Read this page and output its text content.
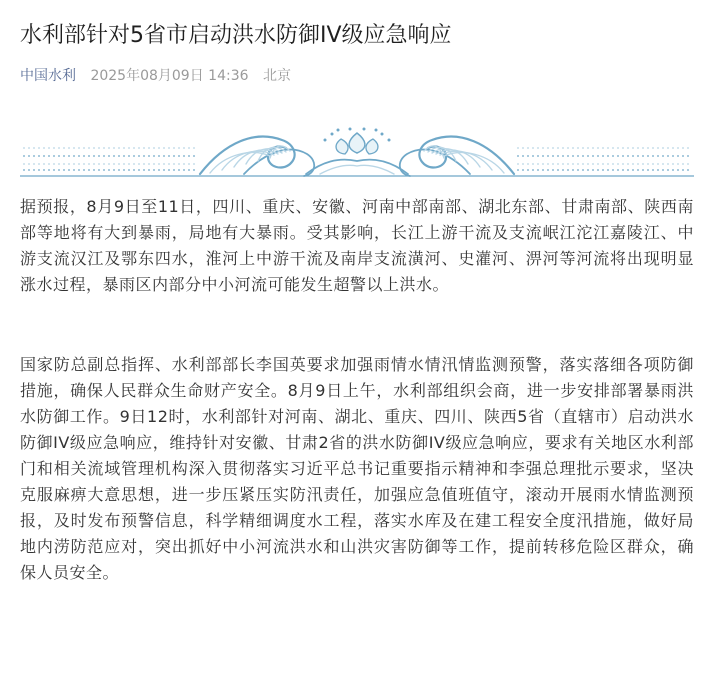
水利部针对5省市启动洪水防御IV级应急响应
中国水利 2025年08月09日 14:36 北京

据预报，8月9日至11日，四川、重庆、安徽、河南中部南部、湖北东部、甘肃南部、陕西南部等地将有大到暴雨，局地有大暴雨。受其影响，长江上游干流及支流岷江沱江嘉陵江、中游支流汉江及鄂东四水，淮河上中游干流及南岸支流潢河、史灌河、淠河等河流将出现明显涨水过程，暴雨区内部分中小河流可能发生超警以上洪水。

国家防总副总指挥、水利部部长李国英要求加强雨情水情汛情监测预警，落实落细各项防御措施，确保人民群众生命财产安全。8月9日上午，水利部组织会商，进一步安排部署暴雨洪水防御工作。9日12时，水利部针对河南、湖北、重庆、四川、陕西5省（直辖市）启动洪水防御IV级应急响应，维持针对安徽、甘肃2省的洪水防御IV级应急响应，要求有关地区水利部门和相关流域管理机构深入贯彻落实习近平总书记重要指示精神和李强总理批示要求，坚决克服麻痹大意思想，进一步压紧压实防汛责任，加强应急值班值守，滚动开展雨水情监测预报，及时发布预警信息，科学精细调度水工程，落实水库及在建工程安全度汛措施，做好局地内涝防范应对，突出抓好中小河流洪水和山洪灾害防御等工作，提前转移危险区群众，确保人员安全。
